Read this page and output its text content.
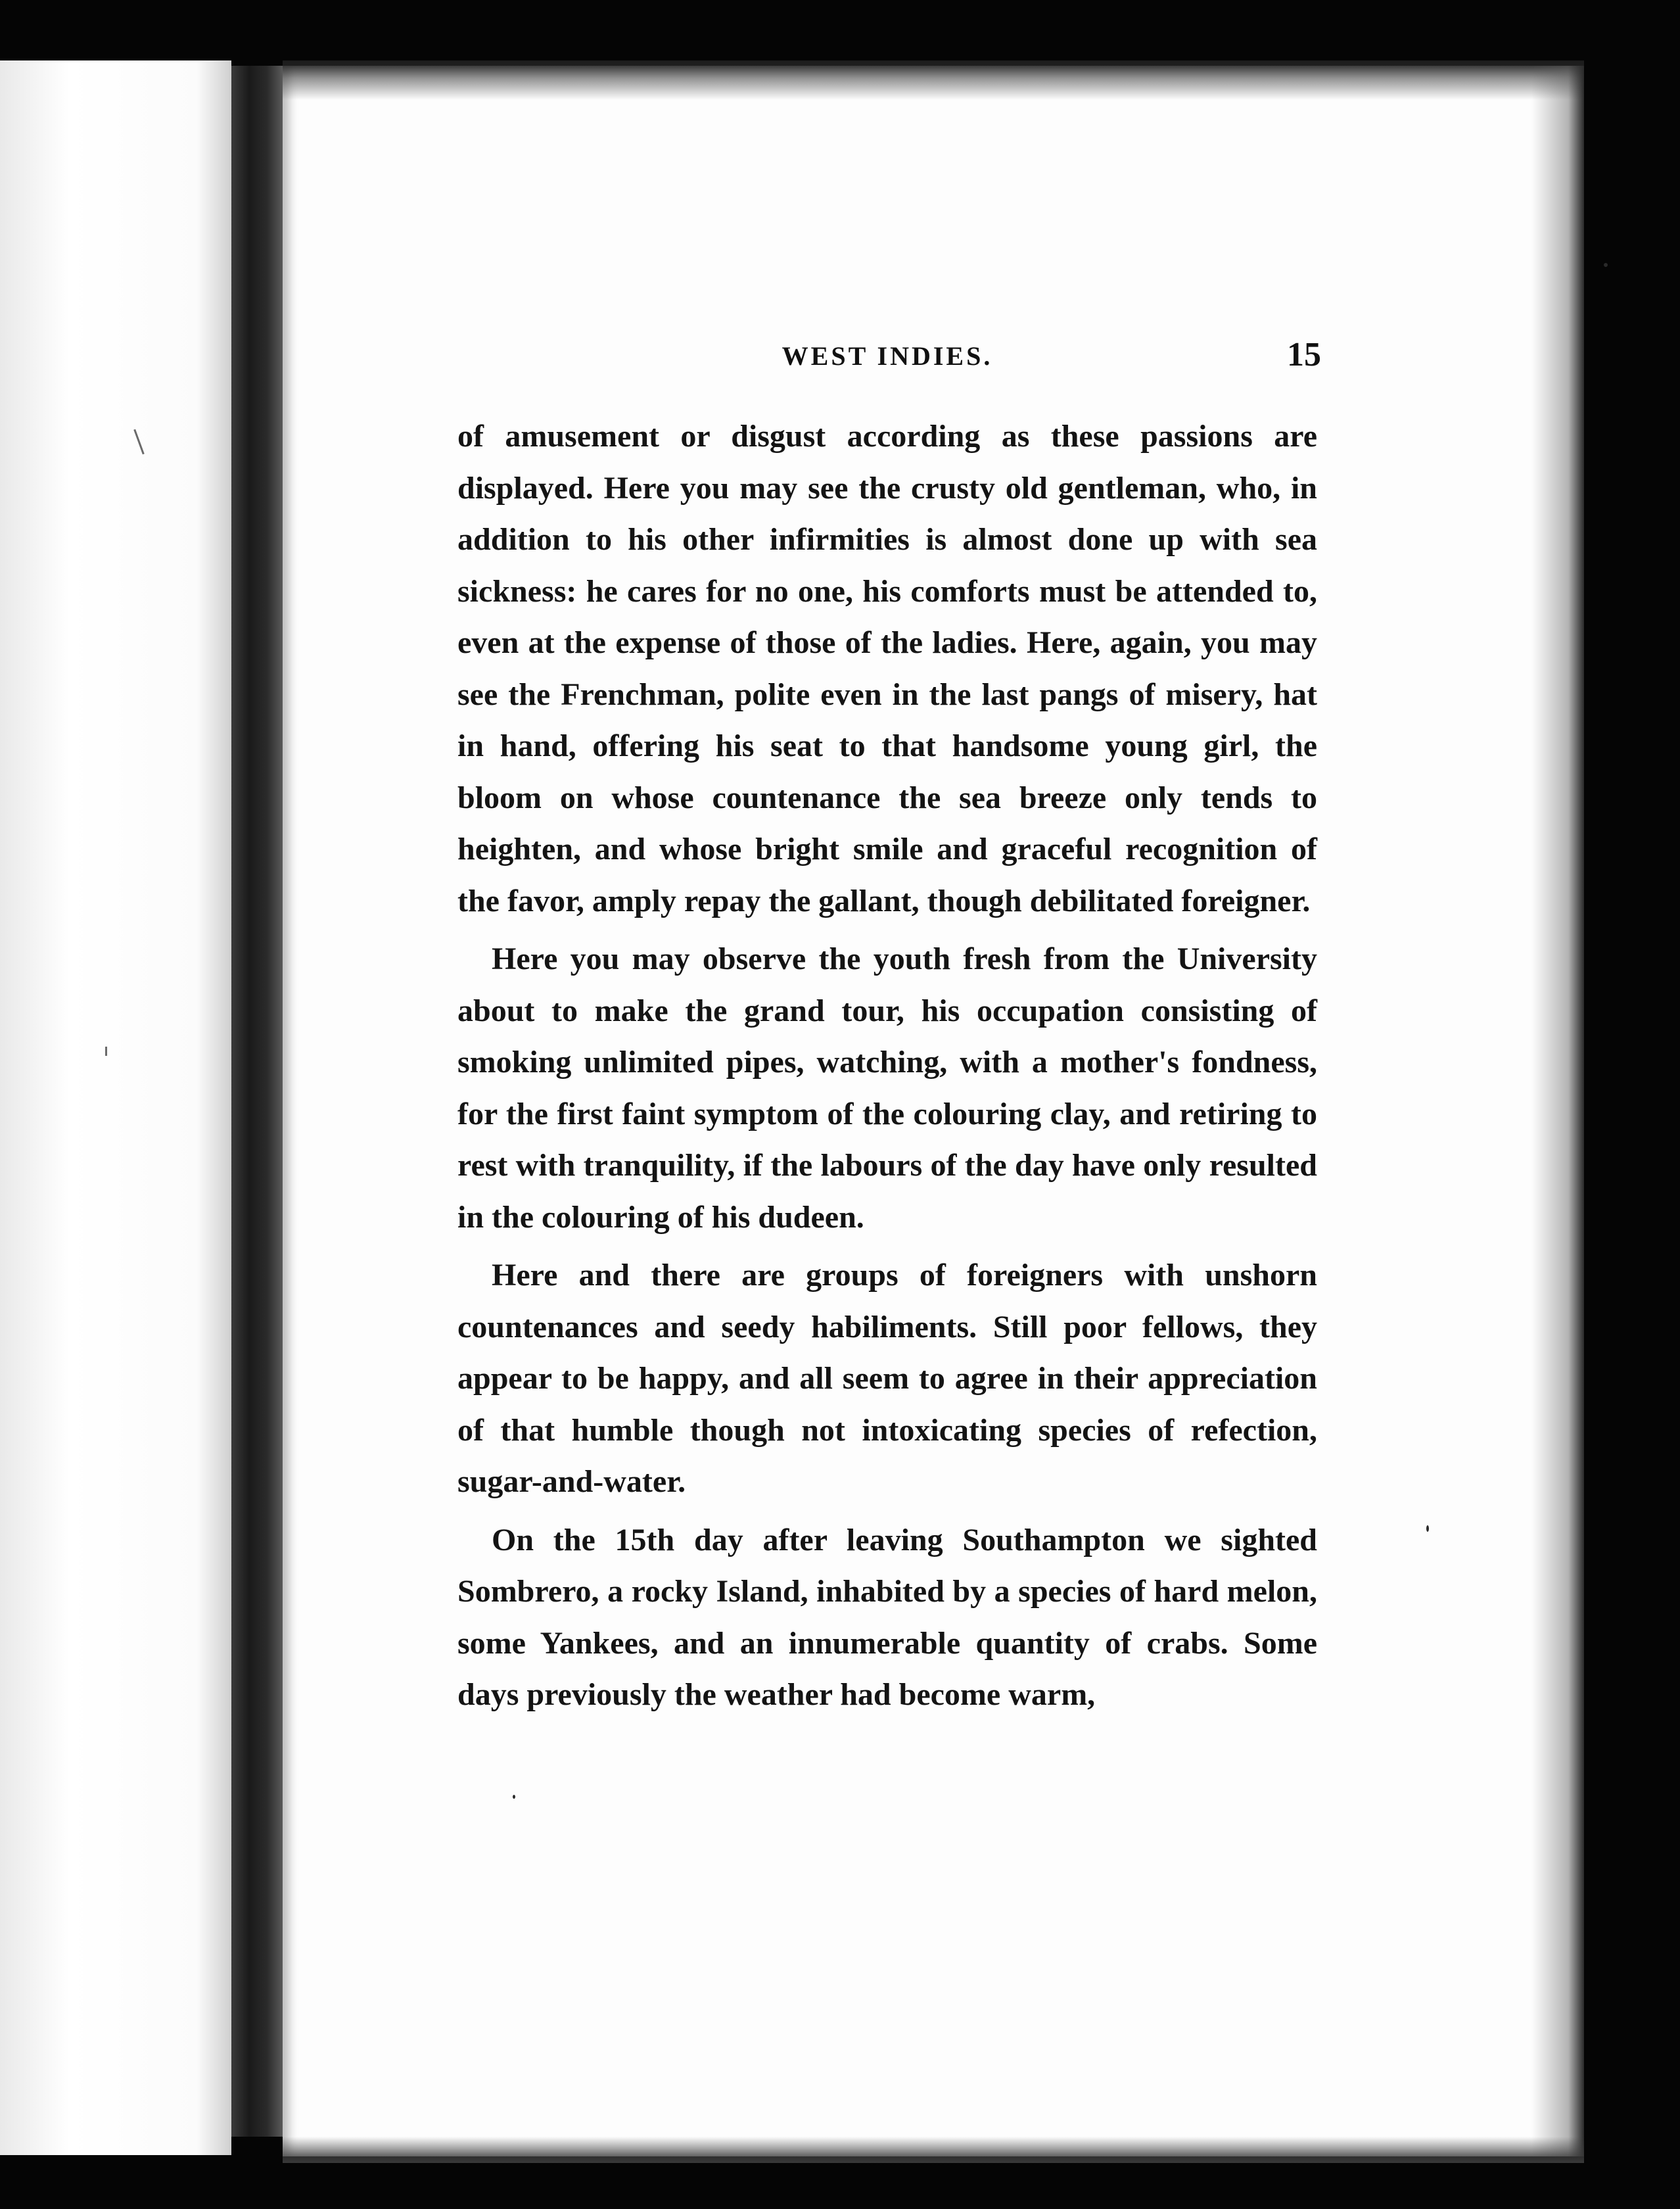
WEST INDIES.	15

of amusement or disgust according as these passions are displayed. Here you may see the crusty old gentleman, who, in addition to his other infirmities is almost done up with sea sickness: he cares for no one, his comforts must be attended to, even at the expense of those of the ladies. Here, again, you may see the Frenchman, polite even in the last pangs of misery, hat in hand, offering his seat to that handsome young girl, the bloom on whose countenance the sea breeze only tends to heighten, and whose bright smile and graceful recognition of the favor, amply repay the gallant, though debilitated foreigner.

Here you may observe the youth fresh from the University about to make the grand tour, his occupation consisting of smoking unlimited pipes, watching, with a mother's fondness, for the first faint symptom of the colouring clay, and retiring to rest with tranquility, if the labours of the day have only resulted in the colouring of his dudeen.

Here and there are groups of foreigners with unshorn countenances and seedy habiliments. Still poor fellows, they appear to be happy, and all seem to agree in their appreciation of that humble though not intoxicating species of refection, sugar-and-water.

On the 15th day after leaving Southampton we sighted Sombrero, a rocky Island, inhabited by a species of hard melon, some Yankees, and an innumerable quantity of crabs. Some days previously the weather had become warm,
